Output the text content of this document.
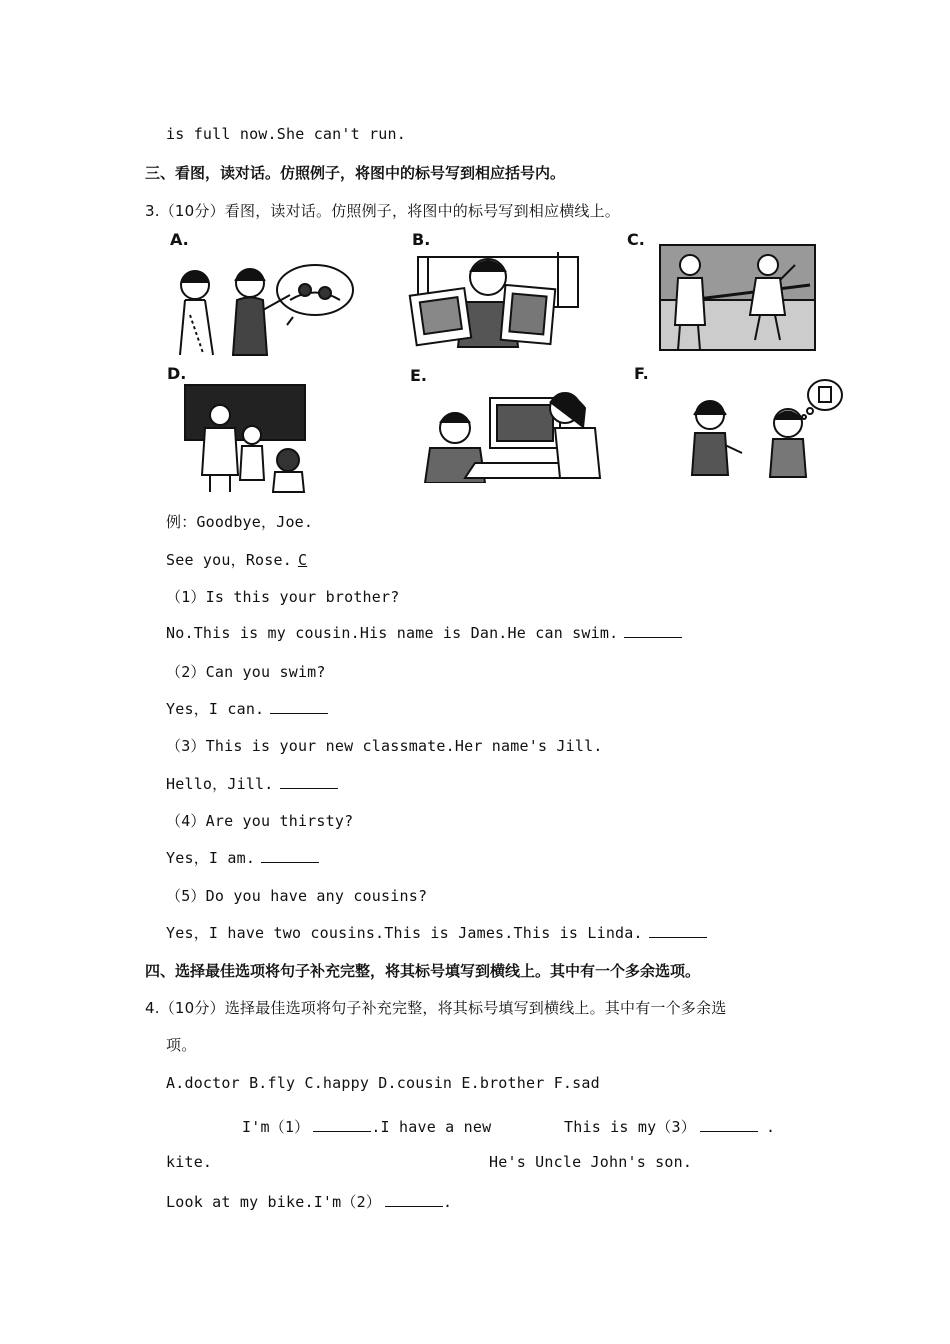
is full now.She can't run.
三、看图，读对话。仿照例子，将图中的标号写到相应括号内。
3.（10分）看图，读对话。仿照例子，将图中的标号写到相应横线上。
A.	B.	C.
D.	E.	F.
例：Goodbye，Joe.
See you，Rose. C
（1）Is this your brother?
No.This is my cousin.His name is Dan.He can swim.
（2）Can you swim?
Yes，I can.
（3）This is your new classmate.Her name's Jill.
Hello，Jill.
（4）Are you thirsty?
Yes，I am.
（5）Do you have any cousins?
Yes，I have two cousins.This is James.This is Linda.
四、选择最佳选项将句子补充完整，将其标号填写到横线上。其中有一个多余选项。
4.（10分）选择最佳选项将句子补充完整，将其标号填写到横线上。其中有一个多余选
项。
A.doctor B.fly C.happy D.cousin E.brother F.sad
I'm（1）	.I have a new
kite.
This is my（3）	.
He's Uncle John's son.
Look at my bike.I'm（2）	.
